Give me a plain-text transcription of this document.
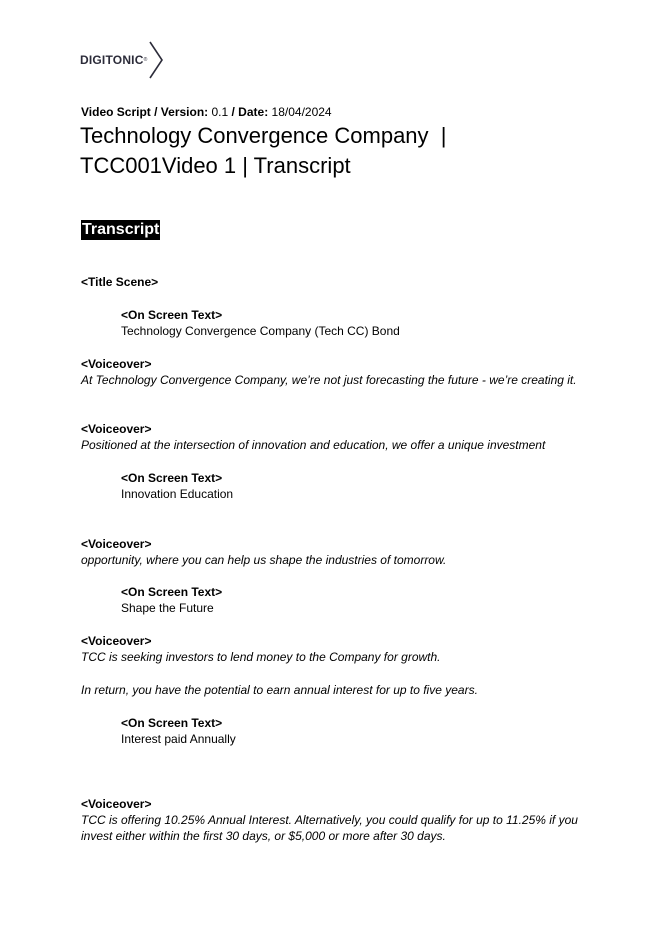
DIGITONIC ®
Video Script / Version: 0.1 / Date: 18/04/2024
Technology Convergence Company  |
TCC001Video 1 | Transcript
Transcript
<Title Scene>
<On Screen Text>
Technology Convergence Company (Tech CC) Bond
<Voiceover>
At Technology Convergence Company, we’re not just forecasting the future - we’re creating it.
<Voiceover>
Positioned at the intersection of innovation and education, we offer a unique investment
<On Screen Text>
Innovation Education
<Voiceover>
opportunity, where you can help us shape the industries of tomorrow.
<On Screen Text>
Shape the Future
<Voiceover>
TCC is seeking investors to lend money to the Company for growth.
In return, you have the potential to earn annual interest for up to five years.
<On Screen Text>
Interest paid Annually
<Voiceover>
TCC is offering 10.25% Annual Interest. Alternatively, you could qualify for up to 11.25% if you invest either within the first 30 days, or $5,000 or more after 30 days.
